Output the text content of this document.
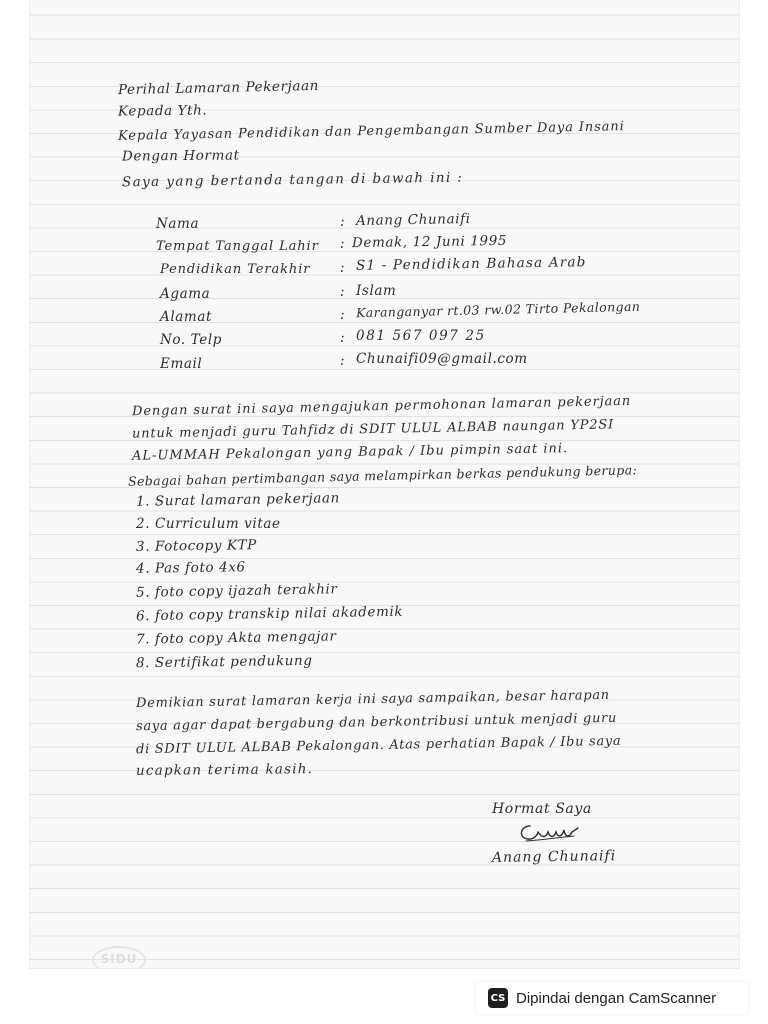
Perihal Lamaran Pekerjaan
Kepada Yth.
Kepala Yayasan Pendidikan dan Pengembangan Sumber Daya Insani
Dengan Hormat
Saya yang bertanda tangan di bawah ini :
Nama	: Anang Chunaifi
Tempat Tanggal Lahir : Demak, 12 Juni 1995
Pendidikan Terakhir : S1 - Pendidikan Bahasa Arab
Agama	: Islam
Alamat	: Karanganyar rt.03 rw.02 Tirto Pekalongan
No. Telp	: 081 567 097 25
Email	: Chunaifi09@gmail.com
Dengan surat ini saya mengajukan permohonan lamaran pekerjaan
untuk menjadi guru Tahfidz di SDIT ULUL ALBAB naungan YP2SI
AL-UMMAH Pekalongan yang Bapak / Ibu pimpin saat ini.
Sebagai bahan pertimbangan saya melampirkan berkas pendukung berupa:
1. Surat lamaran pekerjaan
2. Curriculum vitae
3. Fotocopy KTP
4. Pas foto 4x6
5. foto copy ijazah terakhir
6. foto copy transkip nilai akademik
7. foto copy Akta mengajar
8. Sertifikat pendukung
Demikian surat lamaran kerja ini saya sampaikan, besar harapan
saya agar dapat bergabung dan berkontribusi untuk menjadi guru
di SDIT ULUL ALBAB Pekalongan. Atas perhatian Bapak / Ibu saya
ucapkan terima kasih.
Hormat Saya
Anang Chunaifi
SIDU
CS Dipindai dengan CamScanner
